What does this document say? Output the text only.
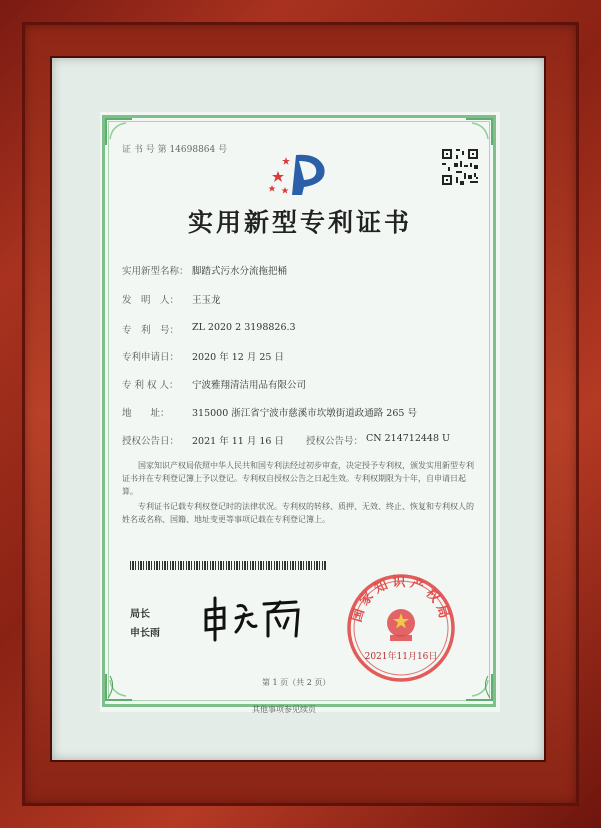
证 书 号 第 14698864 号
实用新型专利证书
实用新型名称： 脚踏式污水分流拖把桶
发　明　人： 王玉龙
专　利　号： ZL 2020 2 3198826.3
专利申请日： 2020 年 12 月 25 日
专 利 权 人： 宁波雅翔清洁用品有限公司
地　　址： 315000 浙江省宁波市慈溪市坎墩街道政通路 265 号
授权公告日： 2021 年 11 月 16 日 授权公告号： CN 214712448 U
国家知识产权局依照中华人民共和国专利法经过初步审查，决定授予专利权，颁发实用新型专利证书并在专利登记簿上予以登记。专利权自授权公告之日起生效。专利权期限为十年，自申请日起算。
专利证书记载专利权登记时的法律状况。专利权的转移、质押、无效、终止、恢复和专利权人的姓名或名称、国籍、地址变更等事项记载在专利登记簿上。
局长
申长雨
国家知识产权局
2021年11月16日
第 1 页（共 2 页）
其他事项参见续页
